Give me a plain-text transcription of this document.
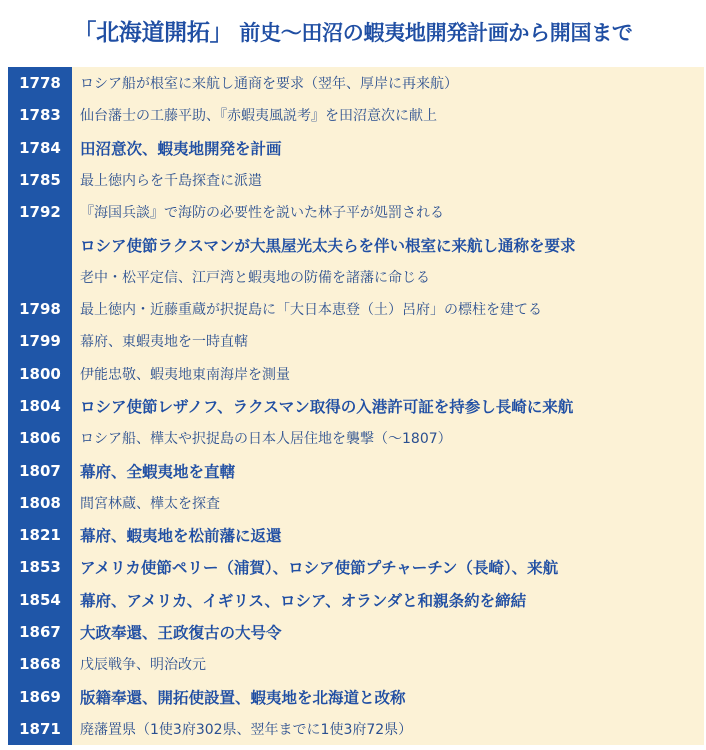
「北海道開拓」 前史〜田沼の蝦夷地開発計画から開国まで
1778	ロシア船が根室に来航し通商を要求（翌年、厚岸に再来航）
1783	仙台藩士の工藤平助、『赤蝦夷風説考』を田沼意次に献上
1784	田沼意次、蝦夷地開発を計画
1785	最上徳内らを千島探査に派遣
1792	『海国兵談』で海防の必要性を説いた林子平が処罰される
ロシア使節ラクスマンが大黒屋光太夫らを伴い根室に来航し通称を要求
老中・松平定信、江戸湾と蝦夷地の防備を諸藩に命じる
1798	最上徳内・近藤重蔵が択捉島に「大日本恵登（土）呂府」の標柱を建てる
1799	幕府、東蝦夷地を一時直轄
1800	伊能忠敬、蝦夷地東南海岸を測量
1804	ロシア使節レザノフ、ラクスマン取得の入港許可証を持参し長崎に来航
1806	ロシア船、樺太や択捉島の日本人居住地を襲撃（〜1807）
1807	幕府、全蝦夷地を直轄
1808	間宮林蔵、樺太を探査
1821	幕府、蝦夷地を松前藩に返還
1853	アメリカ使節ペリー（浦賀）、ロシア使節プチャーチン（長崎）、来航
1854	幕府、アメリカ、イギリス、ロシア、オランダと和親条約を締結
1867	大政奉還、王政復古の大号令
1868	戊辰戦争、明治改元
1869	版籍奉還、開拓使設置、蝦夷地を北海道と改称
1871	廃藩置県（1使3府302県、翌年までに1使3府72県）
